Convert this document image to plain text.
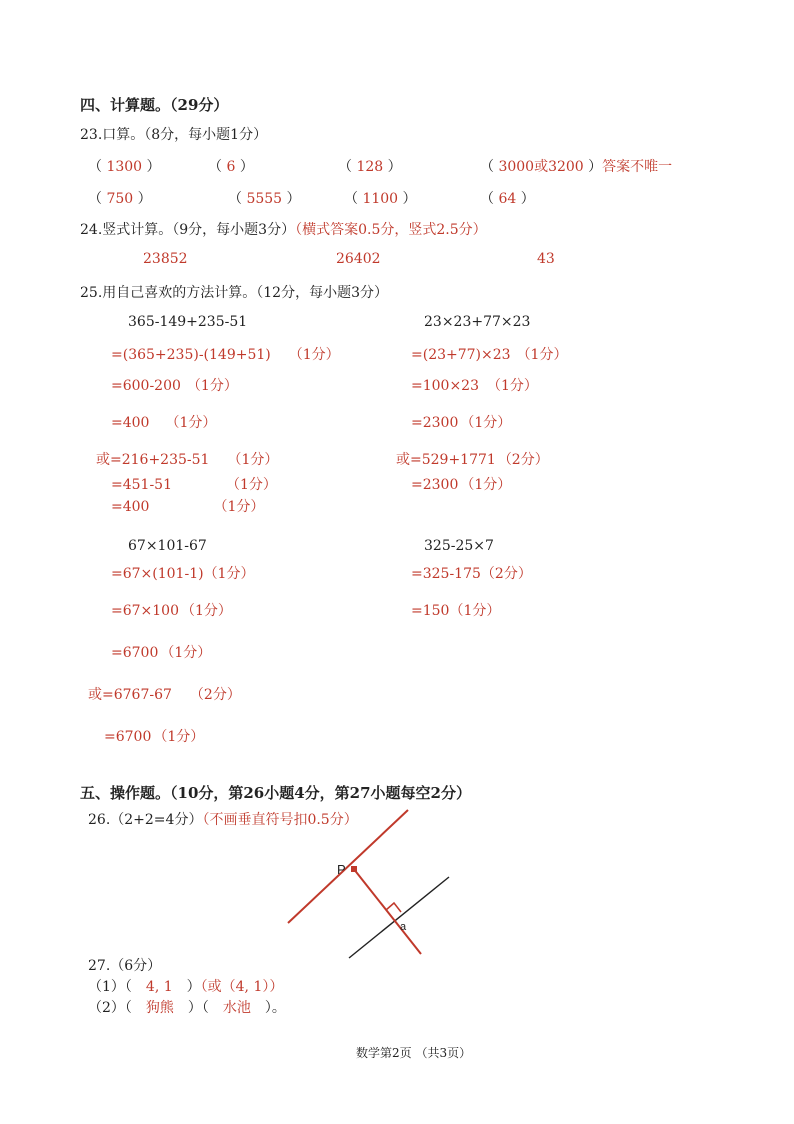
四、计算题。（29分）
23.口算。（8分，每小题1分）
（ 1300 ）	（ 6 ）	（ 128 ）	（ 3000或3200 ）答案不唯一
（ 750 ）	（ 5555 ）	（ 1100 ）	（ 64 ）
24.竖式计算。（9分，每小题3分）（横式答案0.5分，竖式2.5分）
23852	26402	43
25.用自己喜欢的方法计算。（12分，每小题3分）
365-149+235-51
=(365+235)-(149+51) （1分）
=600-200 （1分）
=400 （1分）
或=216+235-51 （1分）
=451-51	（1分）
=400	（1分）
23×23+77×23
=(23+77)×23 （1分）
=100×23 （1分）
=2300 （1分）
或=529+1771 （2分）
=2300 （1分）
67×101-67
=67×(101-1)（1分）
=67×100 （1分）
=6700 （1分）
或=6767-67 （2分）
=6700 （1分）
325-25×7
=325-175（2分）
=150（1分）
五、操作题。（10分，第26小题4分，第27小题每空2分）
26.（2+2=4分）（不画垂直符号扣0.5分）
P
a
27.（6分）
（1）（ 4, 1 ）（或（4, 1））
（2）（ 狗熊 ）（ 水池 ）。
数学第2页 （共3页）
